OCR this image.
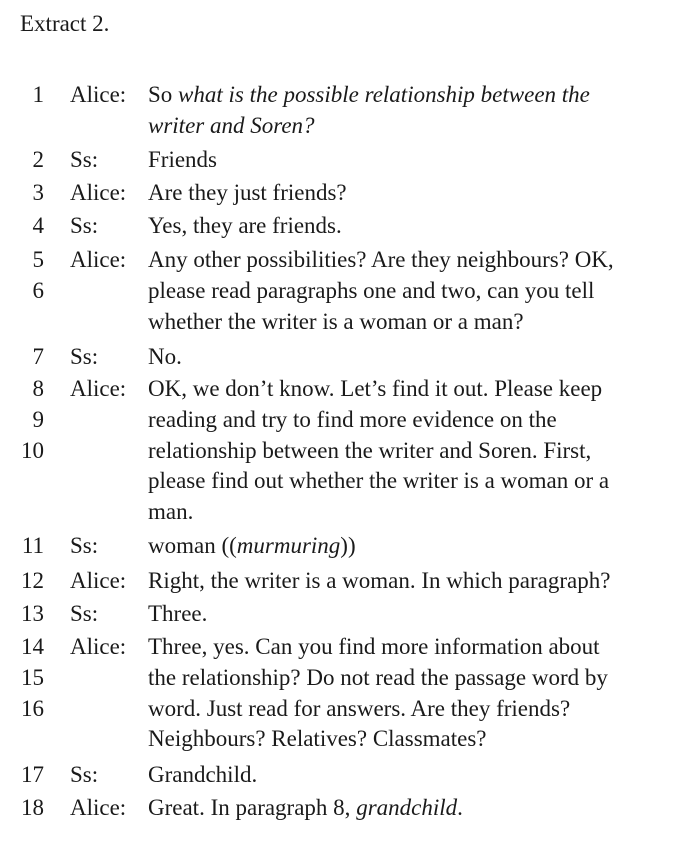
Extract 2.
1 Alice: So what is the possible relationship between the
writer and Soren?
2 Ss: Friends
3 Alice: Are they just friends?
4 Ss: Yes, they are friends.
5
6
Alice: Any other possibilities? Are they neighbours? OK,
please read paragraphs one and two, can you tell
whether the writer is a woman or a man?
7 Ss: No.
8
9
10
Alice: OK, we don’t know. Let’s find it out. Please keep
reading and try to find more evidence on the
relationship between the writer and Soren. First,
please find out whether the writer is a woman or a
man.
11 Ss: woman ((murmuring))
12 Alice: Right, the writer is a woman. In which paragraph?
13 Ss: Three.
14
15
16
Alice: Three, yes. Can you find more information about
the relationship? Do not read the passage word by
word. Just read for answers. Are they friends?
Neighbours? Relatives? Classmates?
17 Ss: Grandchild.
18 Alice: Great. In paragraph 8, grandchild.
